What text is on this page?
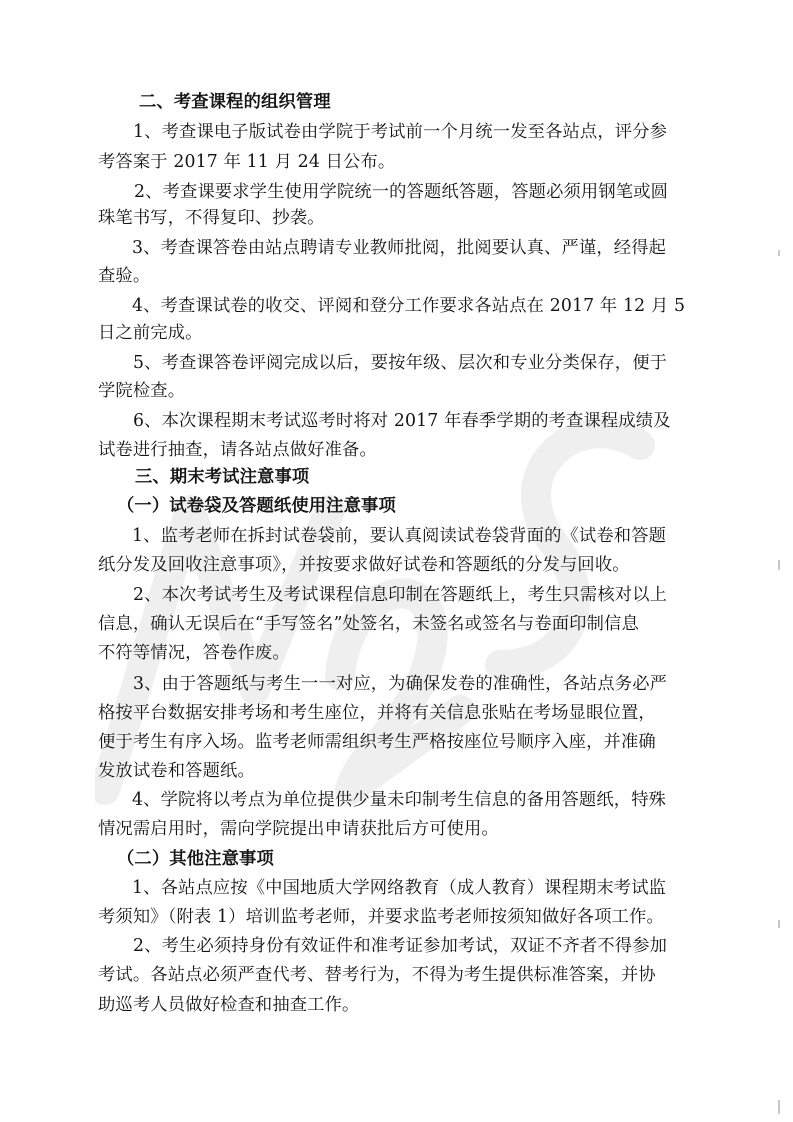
二、考查课程的组织管理
1、考查课电子版试卷由学院于考试前一个月统一发至各站点，评分参
考答案于 2017 年 11 月 24 日公布。
2、考查课要求学生使用学院统一的答题纸答题，答题必须用钢笔或圆
珠笔书写，不得复印、抄袭。
3、考查课答卷由站点聘请专业教师批阅，批阅要认真、严谨，经得起
查验。
4、考查课试卷的收交、评阅和登分工作要求各站点在 2017 年 12 月 5
日之前完成。
5、考查课答卷评阅完成以后，要按年级、层次和专业分类保存，便于
学院检查。
6、本次课程期末考试巡考时将对 2017 年春季学期的考查课程成绩及
试卷进行抽查，请各站点做好准备。
三、期末考试注意事项
（一）试卷袋及答题纸使用注意事项
1、监考老师在拆封试卷袋前，要认真阅读试卷袋背面的《试卷和答题
纸分发及回收注意事项》，并按要求做好试卷和答题纸的分发与回收。
2、本次考试考生及考试课程信息印制在答题纸上，考生只需核对以上
信息，确认无误后在“手写签名”处签名，未签名或签名与卷面印制信息
不符等情况，答卷作废。
3、由于答题纸与考生一一对应，为确保发卷的准确性，各站点务必严
格按平台数据安排考场和考生座位，并将有关信息张贴在考场显眼位置，
便于考生有序入场。监考老师需组织考生严格按座位号顺序入座，并准确
发放试卷和答题纸。
4、学院将以考点为单位提供少量未印制考生信息的备用答题纸，特殊
情况需启用时，需向学院提出申请获批后方可使用。
（二）其他注意事项
1、各站点应按《中国地质大学网络教育（成人教育）课程期末考试监
考须知》（附表 1）培训监考老师，并要求监考老师按须知做好各项工作。
2、考生必须持身份有效证件和准考证参加考试，双证不齐者不得参加
考试。各站点必须严查代考、替考行为，不得为考生提供标准答案，并协
助巡考人员做好检查和抽查工作。
